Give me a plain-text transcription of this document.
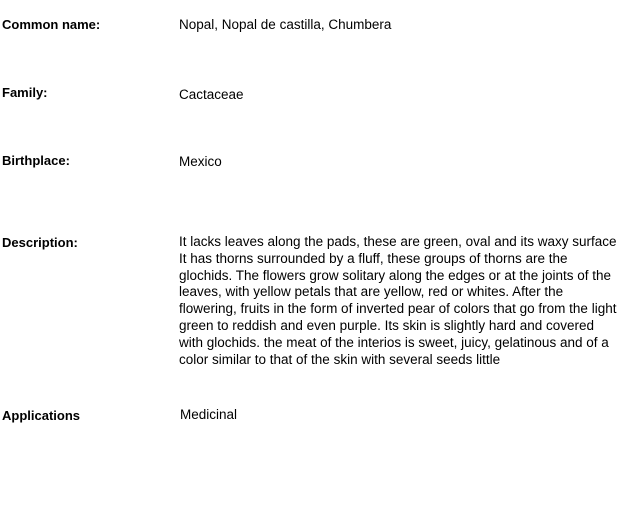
Common name:	Nopal, Nopal de castilla, Chumbera
Family:	Cactaceae
Birthplace:	Mexico
Description:	It lacks leaves along the pads, these are green, oval and its waxy surface It has thorns surrounded by a fluff, these groups of thorns are the glochids. The flowers grow solitary along the edges or at the joints of the leaves, with yellow petals that are yellow, red or whites. After the flowering, fruits in the form of inverted pear of colors that go from the light green to reddish and even purple. Its skin is slightly hard and covered with glochids. the meat of the interios is sweet, juicy, gelatinous and of a color similar to that of the skin with several seeds little
Applications	Medicinal
